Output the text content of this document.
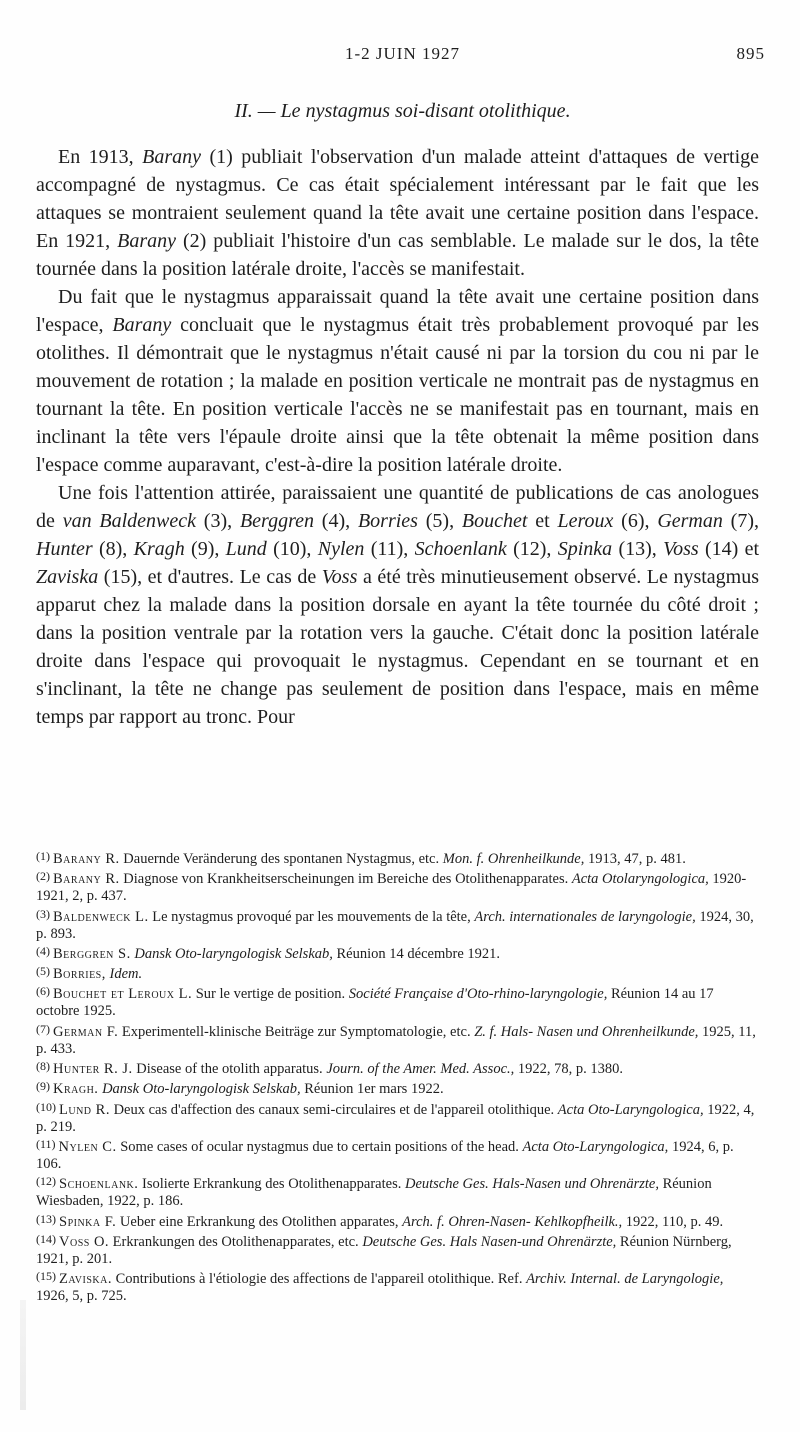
1-2 JUIN 1927	895
II. — Le nystagmus soi-disant otolithique.

En 1913, Barany (1) publiait l'observation d'un malade atteint d'attaques de vertige accompagné de nystagmus. Ce cas était spécialement intéressant par le fait que les attaques se montraient seulement quand la tête avait une certaine position dans l'espace. En 1921, Barany (2) publiait l'histoire d'un cas semblable. Le malade sur le dos, la tête tournée dans la position latérale droite, l'accès se manifestait.

Du fait que le nystagmus apparaissait quand la tête avait une certaine position dans l'espace, Barany concluait que le nystagmus était très probablement provoqué par les otolithes. Il démontrait que le nystagmus n'était causé ni par la torsion du cou ni par le mouvement de rotation ; la malade en position verticale ne montrait pas de nystagmus en tournant la tête. En position verticale l'accès ne se manifestait pas en tournant, mais en inclinant la tête vers l'épaule droite ainsi que la tête obtenait la même position dans l'espace comme auparavant, c'est-à-dire la position latérale droite.

Une fois l'attention attirée, paraissaient une quantité de publications de cas anologues de van Baldenweck (3), Berggren (4), Borries (5), Bouchet et Leroux (6), German (7), Hunter (8), Kragh (9), Lund (10), Nylen (11), Schoenlank (12), Spinka (13), Voss (14) et Zaviska (15), et d'autres. Le cas de Voss a été très minutieusement observé. Le nystagmus apparut chez la malade dans la position dorsale en ayant la tête tournée du côté droit ; dans la position ventrale par la rotation vers la gauche. C'était donc la position latérale droite dans l'espace qui provoquait le nystagmus. Cependant en se tournant et en s'inclinant, la tête ne change pas seulement de position dans l'espace, mais en même temps par rapport au tronc. Pour

$^{(1)}$ Barany R. Dauernde Veränderung des spontanen Nystagmus, etc. Mon. f. Ohrenheilkunde, 1913, 47, p. 481.

$^{(2)}$ Barany R. Diagnose von Krankheitserscheinungen im Bereiche des Otolithenapparates. Acta Otolaryngologica, 1920-1921, 2, p. 437.

$^{(3)}$ Baldenweck L. Le nystagmus provoqué par les mouvements de la tête, Arch. internationales de laryngologie, 1924, 30, p. 893.

$^{(4)}$ Berggren S. Dansk Oto-laryngologisk Selskab, Réunion 14 décembre 1921.

$^{(5)}$ Borries, Idem.

$^{(6)}$ Bouchet et Leroux L. Sur le vertige de position. Société Française d'Oto-rhino-laryngologie, Réunion 14 au 17 octobre 1925.

$^{(7)}$ German F. Experimentell-klinische Beiträge zur Symptomatologie, etc. Z. f. Hals- Nasen und Ohrenheilkunde, 1925, 11, p. 433.

$^{(8)}$ Hunter R. J. Disease of the otolith apparatus. Journ. of the Amer. Med. Assoc., 1922, 78, p. 1380.

$^{(9)}$ Kragh. Dansk Oto-laryngologisk Selskab, Réunion 1er mars 1922.

$^{(10)}$ Lund R. Deux cas d'affection des canaux semi-circulaires et de l'appareil otolithique. Acta Oto-Laryngologica, 1922, 4, p. 219.

$^{(11)}$ Nylen C. Some cases of ocular nystagmus due to certain positions of the head. Acta Oto-Laryngologica, 1924, 6, p. 106.

$^{(12)}$ Schoenlank. Isolierte Erkrankung des Otolithenapparates. Deutsche Ges. Hals-Nasen und Ohrenärzte, Réunion Wiesbaden, 1922, p. 186.

$^{(13)}$ Spinka F. Ueber eine Erkrankung des Otolithen apparates, Arch. f. Ohren-Nasen- Kehlkopfheilk., 1922, 110, p. 49.

$^{(14)}$ Voss O. Erkrankungen des Otolithenapparates, etc. Deutsche Ges. Hals Nasen-und Ohrenärzte, Réunion Nürnberg, 1921, p. 201.

$^{(15)}$ Zaviska. Contributions à l'étiologie des affections de l'appareil otolithique. Ref. Archiv. Internal. de Laryngologie, 1926, 5, p. 725.
